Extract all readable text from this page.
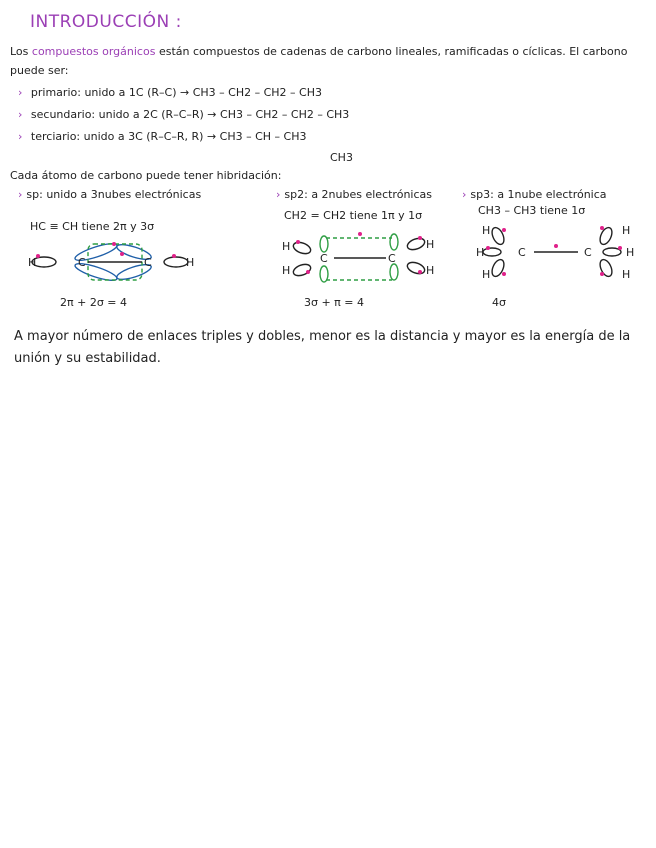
INTRODUCCIÓN :
Los compuestos orgánicos están compuestos de cadenas de carbono lineales, ramificadas o cíclicas. El carbono puede ser:
› primario: unido a 1C (R–C) → CH3 – CH2 – CH2 – CH3
› secundario: unido a 2C (R–C–R) → CH3 – CH2 – CH2 – CH3
› terciario: unido a 3C (R–C–R, R) → CH3 – CH – CH3
CH3
Cada átomo de carbono puede tener hibridación:
› sp: unido a 3nubes electrónicas	› sp2: a 2nubes electrónicas	› sp3: a 1nube electrónica
HC ≡ CH tiene 2π y 3σ
CH2 = CH2 tiene 1π y 1σ	CH3 – CH3 tiene 1σ
H	C	C	H
2π + 2σ = 4
H
H
C	C
H
H
3σ + π = 4
H
H
H
C	C
H
H
H
4σ
A mayor número de enlaces triples y dobles, menor es la distancia y mayor es la energía de la unión y su estabilidad.
